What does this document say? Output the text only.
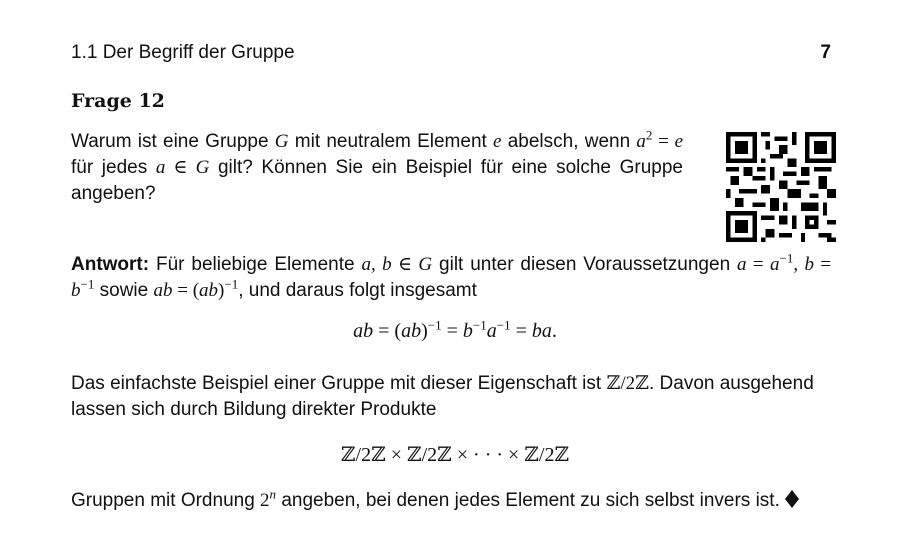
1.1 Der Begriff der Gruppe	7
Frage 12
Warum ist eine Gruppe G mit neutralem Element e abelsch, wenn $a^2 = e$ für jedes a ∈ G gilt? Können Sie ein Beispiel für eine solche Gruppe angeben?
Antwort: Für beliebige Elemente a, b ∈ G gilt unter diesen Voraussetzungen $a = a^{-1}$, $b = b^{-1}$ sowie ab = (ab)$^{-1}$, und daraus folgt insgesamt
ab = $(ab)^{-1} = b^{-1}a^{-1}$ = ba.
Das einfachste Beispiel einer Gruppe mit dieser Eigenschaft ist ℤ/2ℤ. Davon ausgehend lassen sich durch Bildung direkter Produkte
ℤ/2ℤ × ℤ/2ℤ × · · · × ℤ/2ℤ
Gruppen mit Ordnung 2$^n$ angeben, bei denen jedes Element zu sich selbst invers ist.
